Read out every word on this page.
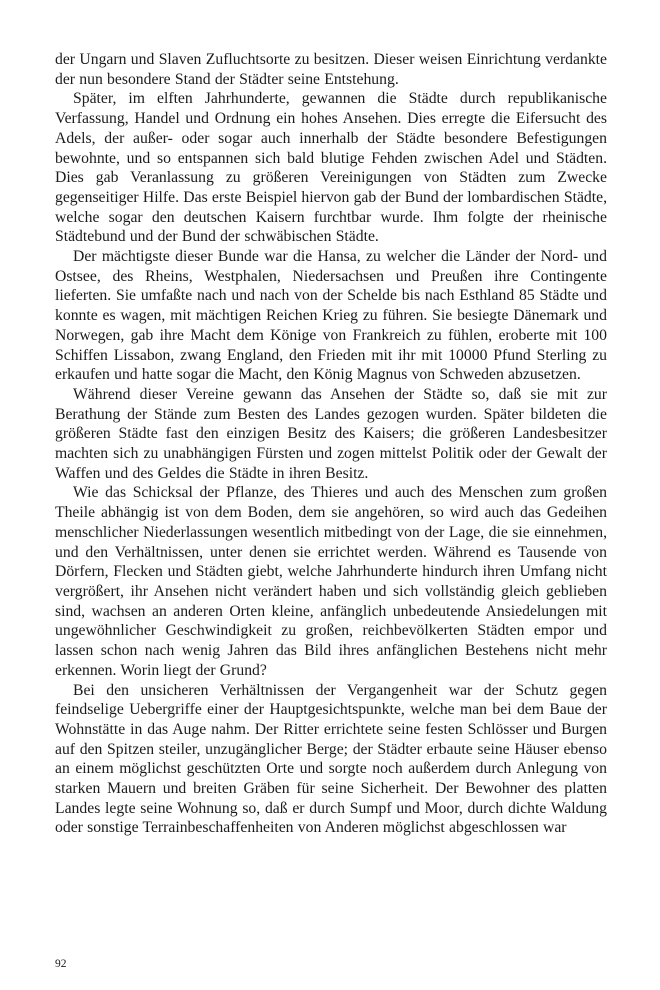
der Ungarn und Slaven Zufluchtsorte zu besitzen. Dieser weisen Einrichtung verdankte der nun besondere Stand der Städter seine Entstehung.

Später, im elften Jahrhunderte, gewannen die Städte durch republikanische Verfassung, Handel und Ordnung ein hohes Ansehen. Dies erregte die Eifersucht des Adels, der außer- oder sogar auch innerhalb der Städte besondere Befestigungen bewohnte, und so entspannen sich bald blutige Fehden zwischen Adel und Städten. Dies gab Veranlassung zu größeren Vereinigungen von Städten zum Zwecke gegenseitiger Hilfe. Das erste Beispiel hiervon gab der Bund der lombardischen Städte, welche sogar den deutschen Kaisern furchtbar wurde. Ihm folgte der rheinische Städtebund und der Bund der schwäbischen Städte.

Der mächtigste dieser Bunde war die Hansa, zu welcher die Länder der Nord- und Ostsee, des Rheins, Westphalen, Niedersachsen und Preußen ihre Contingente lieferten. Sie umfaßte nach und nach von der Schelde bis nach Esthland 85 Städte und konnte es wagen, mit mächtigen Reichen Krieg zu führen. Sie besiegte Dänemark und Norwegen, gab ihre Macht dem Könige von Frankreich zu fühlen, eroberte mit 100 Schiffen Lissabon, zwang England, den Frieden mit ihr mit 10000 Pfund Sterling zu erkaufen und hatte sogar die Macht, den König Magnus von Schweden abzusetzen.

Während dieser Vereine gewann das Ansehen der Städte so, daß sie mit zur Berathung der Stände zum Besten des Landes gezogen wurden. Später bildeten die größeren Städte fast den einzigen Besitz des Kaisers; die größeren Landesbesitzer machten sich zu unabhängigen Fürsten und zogen mittelst Politik oder der Gewalt der Waffen und des Geldes die Städte in ihren Besitz.

Wie das Schicksal der Pflanze, des Thieres und auch des Menschen zum großen Theile abhängig ist von dem Boden, dem sie angehören, so wird auch das Gedeihen menschlicher Niederlassungen wesentlich mitbedingt von der Lage, die sie einnehmen, und den Verhältnissen, unter denen sie errichtet werden. Während es Tausende von Dörfern, Flecken und Städten giebt, welche Jahrhunderte hindurch ihren Umfang nicht vergrößert, ihr Ansehen nicht verändert haben und sich vollständig gleich geblieben sind, wachsen an anderen Orten kleine, anfänglich unbedeutende Ansiedelungen mit ungewöhnlicher Geschwindigkeit zu großen, reichbevölkerten Städten empor und lassen schon nach wenig Jahren das Bild ihres anfänglichen Bestehens nicht mehr erkennen. Worin liegt der Grund?

Bei den unsicheren Verhältnissen der Vergangenheit war der Schutz gegen feindselige Uebergriffe einer der Hauptgesichtspunkte, welche man bei dem Baue der Wohnstätte in das Auge nahm. Der Ritter errichtete seine festen Schlösser und Burgen auf den Spitzen steiler, unzugänglicher Berge; der Städter erbaute seine Häuser ebenso an einem möglichst geschützten Orte und sorgte noch außerdem durch Anlegung von starken Mauern und breiten Gräben für seine Sicherheit. Der Bewohner des platten Landes legte seine Wohnung so, daß er durch Sumpf und Moor, durch dichte Waldung oder sonstige Terrainbeschaffenheiten von Anderen möglichst abgeschlossen war

92
